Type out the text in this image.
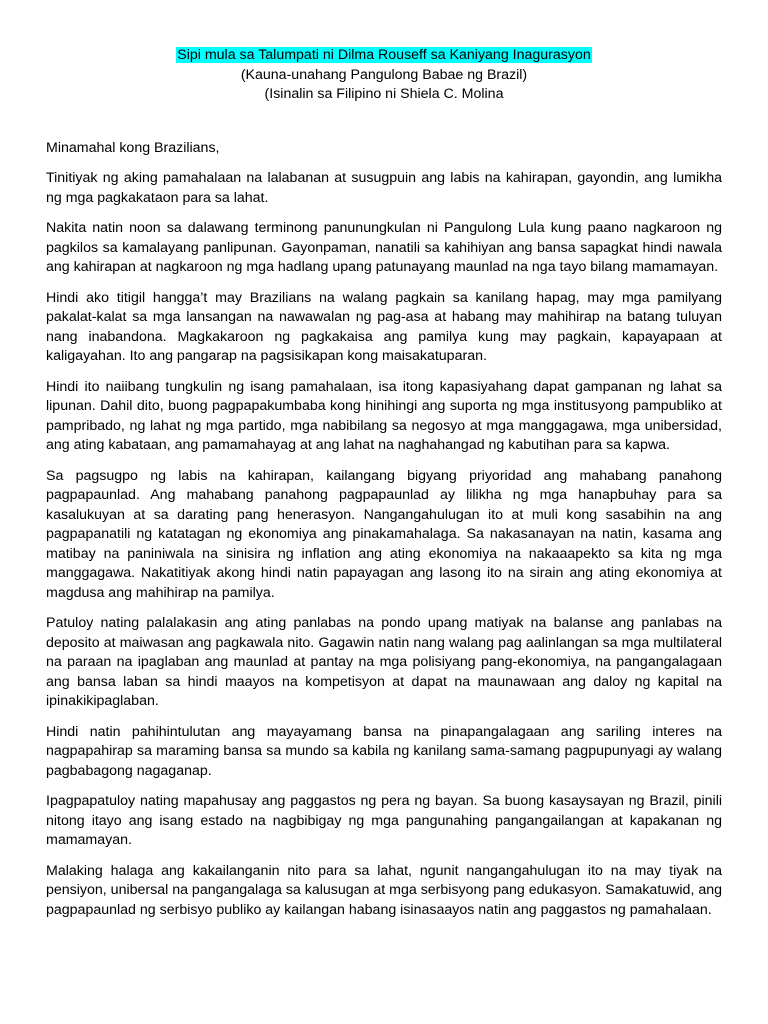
Sipi mula sa Talumpati ni Dilma Rouseff sa Kaniyang Inagurasyon
(Kauna-unahang Pangulong Babae ng Brazil)
(Isinalin sa Filipino ni Shiela C. Molina

Minamahal kong Brazilians,

Tinitiyak ng aking pamahalaan na lalabanan at susugpuin ang labis na kahirapan, gayondin, ang lumikha ng mga pagkakataon para sa lahat.

Nakita natin noon sa dalawang terminong panunungkulan ni Pangulong Lula kung paano nagkaroon ng pagkilos sa kamalayang panlipunan. Gayonpaman, nanatili sa kahihiyan ang bansa sapagkat hindi nawala ang kahirapan at nagkaroon ng mga hadlang upang patunayang maunlad na nga tayo bilang mamamayan.

Hindi ako titigil hangga’t may Brazilians na walang pagkain sa kanilang hapag, may mga pamilyang pakalat-kalat sa mga lansangan na nawawalan ng pag-asa at habang may mahihirap na batang tuluyan nang inabandona. Magkakaroon ng pagkakaisa ang pamilya kung may pagkain, kapayapaan at kaligayahan. Ito ang pangarap na pagsisikapan kong maisakatuparan.

Hindi ito naiibang tungkulin ng isang pamahalaan, isa itong kapasiyahang dapat gampanan ng lahat sa lipunan. Dahil dito, buong pagpapakumbaba kong hinihingi ang suporta ng mga institusyong pampubliko at pampribado, ng lahat ng mga partido, mga nabibilang sa negosyo at mga manggagawa, mga unibersidad, ang ating kabataan, ang pamamahayag at ang lahat na naghahangad ng kabutihan para sa kapwa.

Sa pagsugpo ng labis na kahirapan, kailangang bigyang priyoridad ang mahabang panahong pagpapaunlad. Ang mahabang panahong pagpapaunlad ay lilikha ng mga hanapbuhay para sa kasalukuyan at sa darating pang henerasyon. Nangangahulugan ito at muli kong sasabihin na ang pagpapanatili ng katatagan ng ekonomiya ang pinakamahalaga. Sa nakasanayan na natin, kasama ang matibay na paniniwala na sinisira ng inflation ang ating ekonomiya na nakaaapekto sa kita ng mga manggagawa. Nakatitiyak akong hindi natin papayagan ang lasong ito na sirain ang ating ekonomiya at magdusa ang mahihirap na pamilya.

Patuloy nating palalakasin ang ating panlabas na pondo upang matiyak na balanse ang panlabas na deposito at maiwasan ang pagkawala nito. Gagawin natin nang walang pag aalinlangan sa mga multilateral na paraan na ipaglaban ang maunlad at pantay na mga polisiyang pang-ekonomiya, na pangangalagaan ang bansa laban sa hindi maayos na kompetisyon at dapat na maunawaan ang daloy ng kapital na ipinakikipaglaban.

Hindi natin pahihintulutan ang mayayamang bansa na pinapangalagaan ang sariling interes na nagpapahirap sa maraming bansa sa mundo sa kabila ng kanilang sama-samang pagpupunyagi ay walang pagbabagong nagaganap.

Ipagpapatuloy nating mapahusay ang paggastos ng pera ng bayan. Sa buong kasaysayan ng Brazil, pinili nitong itayo ang isang estado na nagbibigay ng mga pangunahing pangangailangan at kapakanan ng mamamayan.

Malaking halaga ang kakailanganin nito para sa lahat, ngunit nangangahulugan ito na may tiyak na pensiyon, unibersal na pangangalaga sa kalusugan at mga serbisyong pang edukasyon. Samakatuwid, ang pagpapaunlad ng serbisyo publiko ay kailangan habang isinasaayos natin ang paggastos ng pamahalaan.
